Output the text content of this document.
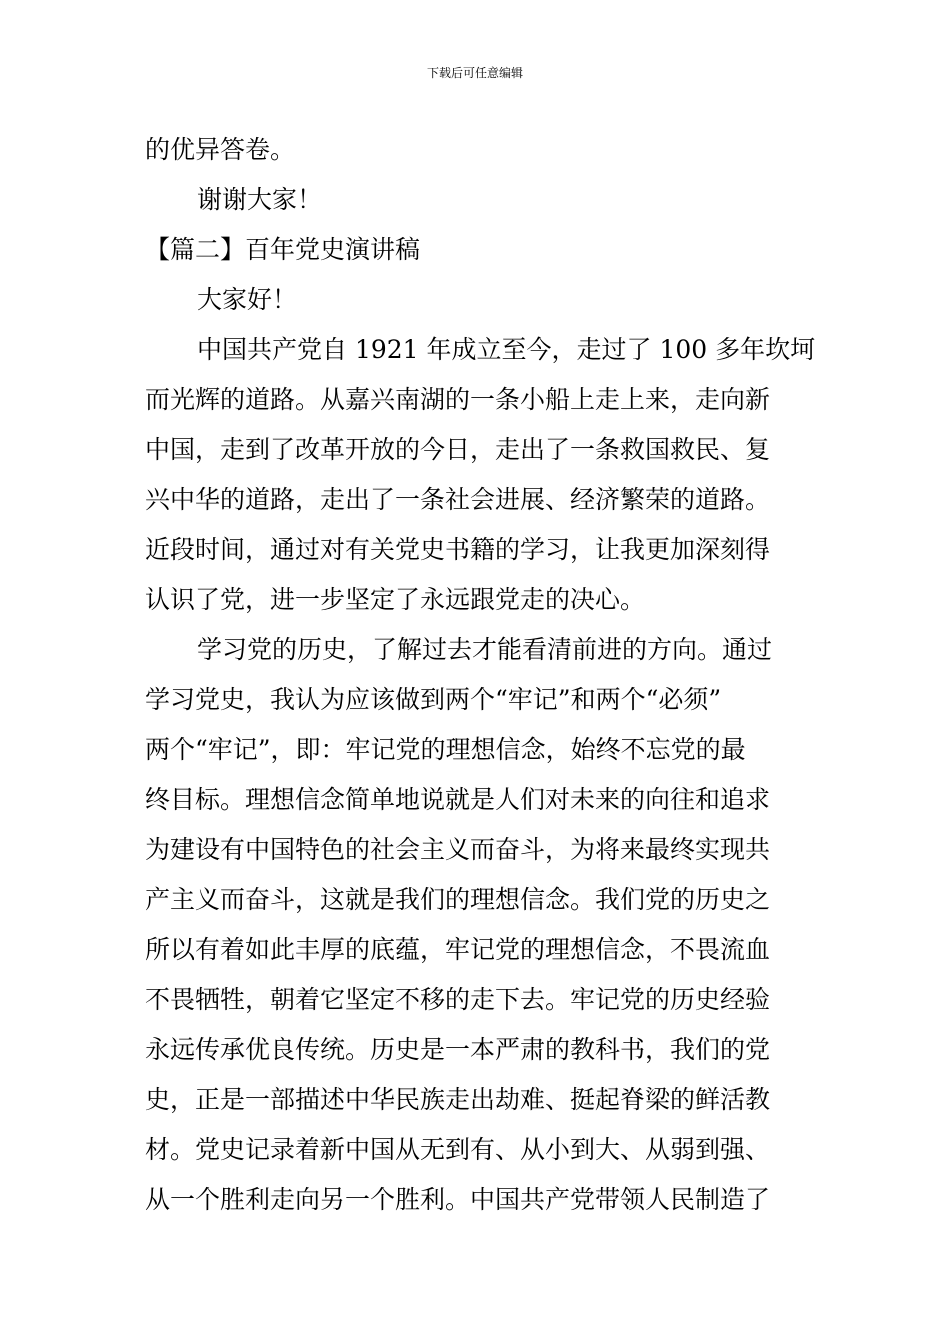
下载后可任意编辑
的优异答卷。
谢谢大家！
【篇二】百年党史演讲稿
大家好！
中国共产党自 1921 年成立至今，走过了 100 多年坎坷
而光辉的道路。从嘉兴南湖的一条小船上走上来，走向新
中国，走到了改革开放的今日，走出了一条救国救民、复
兴中华的道路，走出了一条社会进展、经济繁荣的道路。
近段时间，通过对有关党史书籍的学习，让我更加深刻得
认识了党，进一步坚定了永远跟党走的决心。
学习党的历史，了解过去才能看清前进的方向。通过
学习党史，我认为应该做到两个“牢记”和两个“必须”
两个“牢记”，即：牢记党的理想信念，始终不忘党的最
终目标。理想信念简单地说就是人们对未来的向往和追求
为建设有中国特色的社会主义而奋斗，为将来最终实现共
产主义而奋斗，这就是我们的理想信念。我们党的历史之
所以有着如此丰厚的底蕴，牢记党的理想信念，不畏流血
不畏牺牲，朝着它坚定不移的走下去。牢记党的历史经验
永远传承优良传统。历史是一本严肃的教科书，我们的党
史，正是一部描述中华民族走出劫难、挺起脊梁的鲜活教
材。党史记录着新中国从无到有、从小到大、从弱到强、
从一个胜利走向另一个胜利。中国共产党带领人民制造了
